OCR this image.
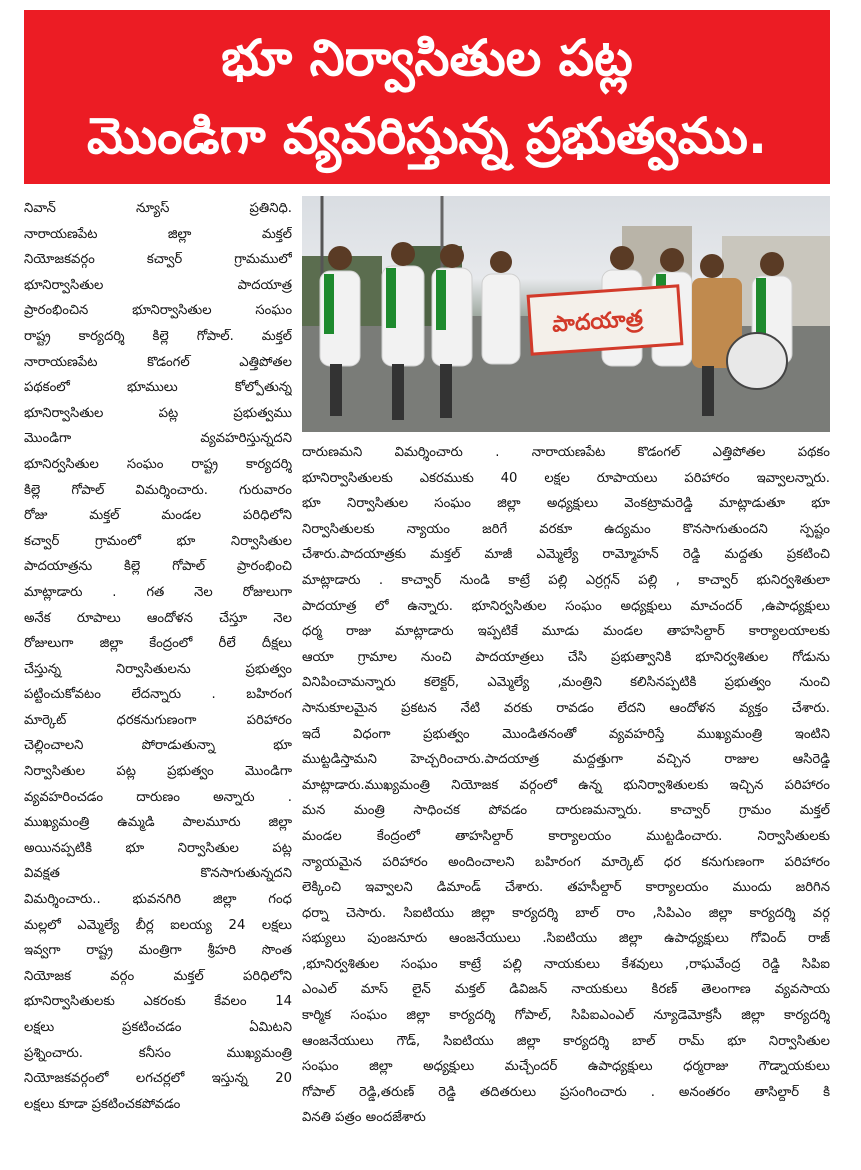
భూ నిర్వాసితుల పట్ల
మొండిగా వ్యవరిస్తున్న ప్రభుత్వము.

నివాన్ న్యూస్ ప్రతినిధి.

నారాయణపేట జిల్లా మక్తల్

నియోజకవర్గం కచ్వార్ గ్రామములో

భూనిర్వాసితుల పాదయాత్ర

ప్రారంభించిన భూనిర్వాసితుల సంఘం

రాష్ట్ర కార్యదర్శి కిల్లె గోపాల్. మక్తల్

నారాయణపేట కొడంగల్ ఎత్తిపోతల

పథకంలో భూములు కోల్పోతున్న

భూనిర్వాసితుల పట్ల ప్రభుత్వము

మొండిగా వ్యవహరిస్తున్నదని

భూనిర్వసితుల సంఘం రాష్ట్ర కార్యదర్శి

కిల్లె గోపాల్ విమర్శించారు. గురువారం

రోజు మక్తల్ మండల పరిధిలోని

కచ్వార్ గ్రామంలో భూ నిర్వాసితుల

పాదయాత్రను కిల్లె గోపాల్ ప్రారంభించి

మాట్లాడారు . గత నెల రోజులుగా

అనేక రూపాలు ఆందోళన చేస్తూ నెల

రోజులుగా జిల్లా కేంద్రంలో రీలే దీక్షలు

చేస్తున్న నిర్వాసితులను ప్రభుత్వం

పట్టించుకోవటం లేదన్నారు . బహిరంగ

మార్కెట్ ధరకనుగుణంగా పరిహారం

చెల్లించాలని పోరాడుతున్నా భూ

నిర్వాసితుల పట్ల ప్రభుత్వం మొండిగా

వ్యవహరించడం దారుణం అన్నారు .

ముఖ్యమంత్రి ఉమ్మడి పాలమూరు జిల్లా

అయినప్పటికి భూ నిర్వాసితుల పట్ల

వివక్షత కొనసాగుతున్నదని

విమర్శించారు.. భువనగిరి జిల్లా గంధ

మల్లలో ఎమ్మెల్యే బీర్ల ఐలయ్య 24 లక్షలు

ఇవ్వగా రాష్ట్ర మంత్రిగా శ్రీహరి సొంత

నియోజక వర్గం మక్తల్ పరిధిలోని

భూనిర్వాసితులకు ఎకరంకు కేవలం 14

లక్షలు ప్రకటించడం ఏమిటని

ప్రశ్నించారు. కనీసం ముఖ్యమంత్రి

నియోజకవర్గంలో లగచర్లలో ఇస్తున్న 20

లక్షలు కూడా ప్రకటించకపోవడం

పాదయాత్ర

దారుణమని విమర్శించారు . నారాయణపేట కొడంగల్ ఎత్తిపోతల పథకం

భూనిర్వాసితులకు ఎకరముకు 40 లక్షల రూపాయలు పరిహారం ఇవ్వాలన్నారు.

భూ నిర్వాసితుల సంఘం జిల్లా అధ్యక్షులు వెంకట్రామరెడ్డి మాట్లాడుతూ భూ

నిర్వాసితులకు న్యాయం జరిగే వరకూ ఉద్యమం కొనసాగుతుందని స్పష్టం

చేశారు.పాదయాత్రకు మక్తల్ మాజీ ఎమ్మెల్యే రామ్మోహన్ రెడ్డి మద్దతు ప్రకటించి

మాట్లాడారు . కాచ్వార్ నుండి కాట్రే పల్లి ఎర్రగ్గన్ పల్లి , కాచ్వార్ భునిర్వశితులా

పాదయాత్ర లో ఉన్నారు. భూనిర్వసితుల సంఘం అధ్యక్షులు మాచందర్ ,ఉపాధ్యక్షులు

ధర్మ రాజు మాట్లాడారు ఇప్పటికే మూడు మండల తాహసిల్దార్ కార్యాలయాలకు

ఆయా గ్రామాల నుంచి పాదయాత్రలు చేసి ప్రభుత్వానికి భూనిర్వశితుల గోడును

వినిపించామన్నారు కలెక్టర్, ఎమ్మెల్యే ,మంత్రిని కలిసినప్పటికి ప్రభుత్వం నుంచి

సానుకూలమైన ప్రకటన నేటి వరకు రావడం లేదని ఆందోళన వ్యక్తం చేశారు.

ఇదే విధంగా ప్రభుత్వం మొండితనంతో వ్యవహరిస్తే ముఖ్యమంత్రి ఇంటిని

ముట్టడిస్తామని హెచ్చరించారు.పాదయాత్ర మద్దత్తుగా వచ్చిన రాజుల ఆసిరెడ్డి

మాట్లాడారు.ముఖ్యమంత్రి నియోజక వర్గంలో ఉన్న భునిర్వాశితులకు ఇచ్చిన పరిహారం

మన మంత్రి సాధించక పోవడం దారుణమన్నారు. కాచ్వార్ గ్రామం మక్తల్

మండల కేంద్రంలో తాహసిల్దార్ కార్యాలయం ముట్టడించారు. నిర్వాసితులకు

న్యాయమైన పరిహారం అందించాలని బహిరంగ మార్కెట్ ధర కనుగుణంగా పరిహారం

లెక్కించి ఇవ్వాలని డిమాండ్ చేశారు. తహసీల్దార్ కార్యాలయం ముందు జరిగిన

ధర్నా చెసారు. సిఐటియు జిల్లా కార్యదర్శి బాల్ రాం ,సిపిఎం జిల్లా కార్యదర్శి వర్గ

సభ్యులు పుంజనూరు ఆంజనేయులు .సిఐటియు జిల్లా ఉపాధ్యక్షులు గోవింద్ రాజ్

,భూనిర్వశితుల సంఘం కాట్రే పల్లి నాయకులు కేశవులు ,రాఘవేంద్ర రెడ్డి సిపిఐ

ఎంఎల్ మాస్ లైన్ మక్తల్ డివిజన్ నాయకులు కిరణ్ తెలంగాణ వ్యవసాయ

కార్మిక సంఘం జిల్లా కార్యదర్శి గోపాల్, సిపిఐఎంఎల్ న్యూడెమోక్రసీ జిల్లా కార్యదర్శి

ఆంజనేయులు గౌడ్, సిఐటియు జిల్లా కార్యదర్శి బాల్ రామ్ భూ నిర్వాసితుల

సంఘం జిల్లా అధ్యక్షులు మచ్చేందర్ ఉపాధ్యక్షులు ధర్మరాజు గౌడ్నాయకులు

గోపాల్ రెడ్డి,తరుణ్ రెడ్డి తదితరులు ప్రసంగించారు . అనంతరం తాసిల్దార్ కి

వినతి పత్రం అందజేశారు
